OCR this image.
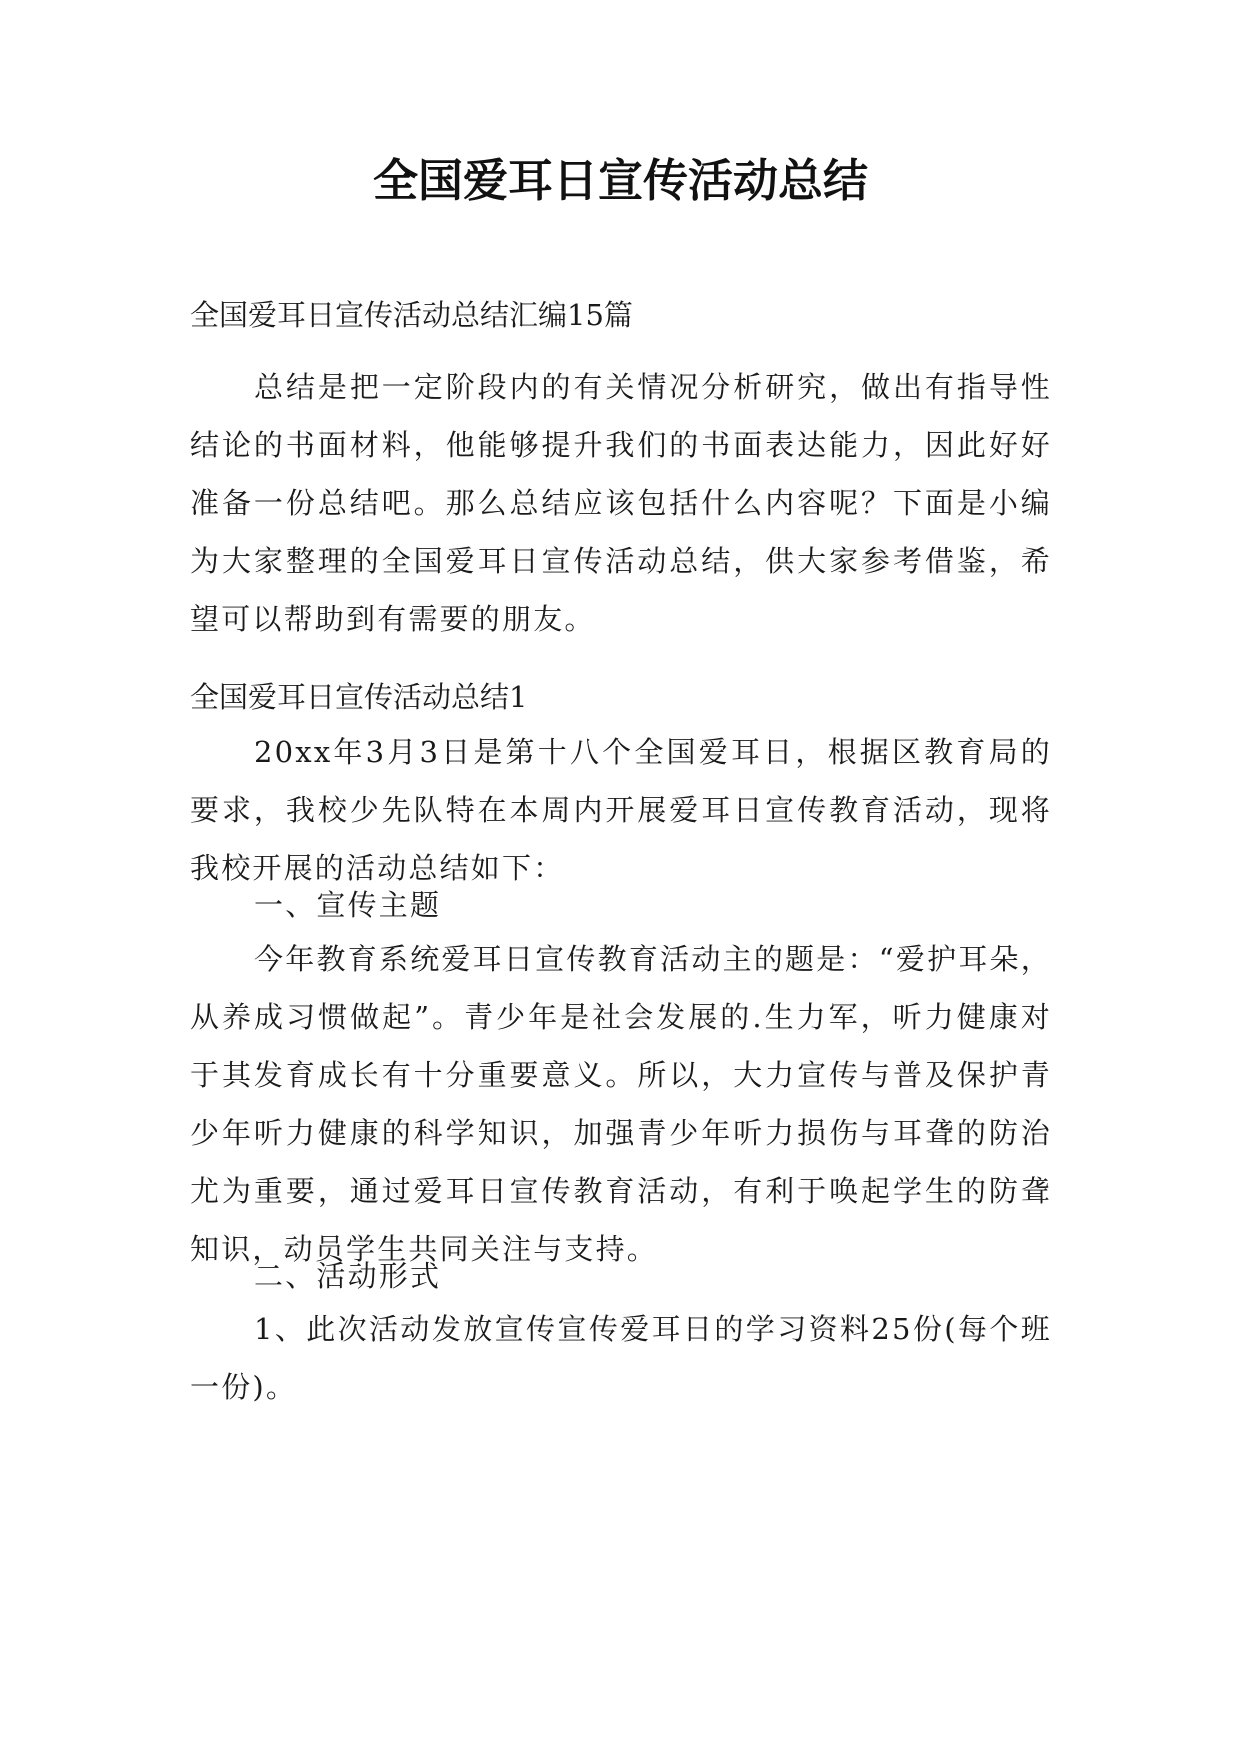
全国爱耳日宣传活动总结

全国爱耳日宣传活动总结汇编15篇

总结是把一定阶段内的有关情况分析研究，做出有指导性结论的书面材料，他能够提升我们的书面表达能力，因此好好准备一份总结吧。那么总结应该包括什么内容呢？下面是小编为大家整理的全国爱耳日宣传活动总结，供大家参考借鉴，希望可以帮助到有需要的朋友。

全国爱耳日宣传活动总结1

20xx年3月3日是第十八个全国爱耳日，根据区教育局的要求，我校少先队特在本周内开展爱耳日宣传教育活动，现将我校开展的活动总结如下：

一、宣传主题

今年教育系统爱耳日宣传教育活动主的题是：“爱护耳朵，从养成习惯做起”。青少年是社会发展的.生力军，听力健康对于其发育成长有十分重要意义。所以，大力宣传与普及保护青少年听力健康的科学知识，加强青少年听力损伤与耳聋的防治尤为重要，通过爱耳日宣传教育活动，有利于唤起学生的防聋知识，动员学生共同关注与支持。

二、活动形式

1、此次活动发放宣传宣传爱耳日的学习资料25份(每个班一份)。
